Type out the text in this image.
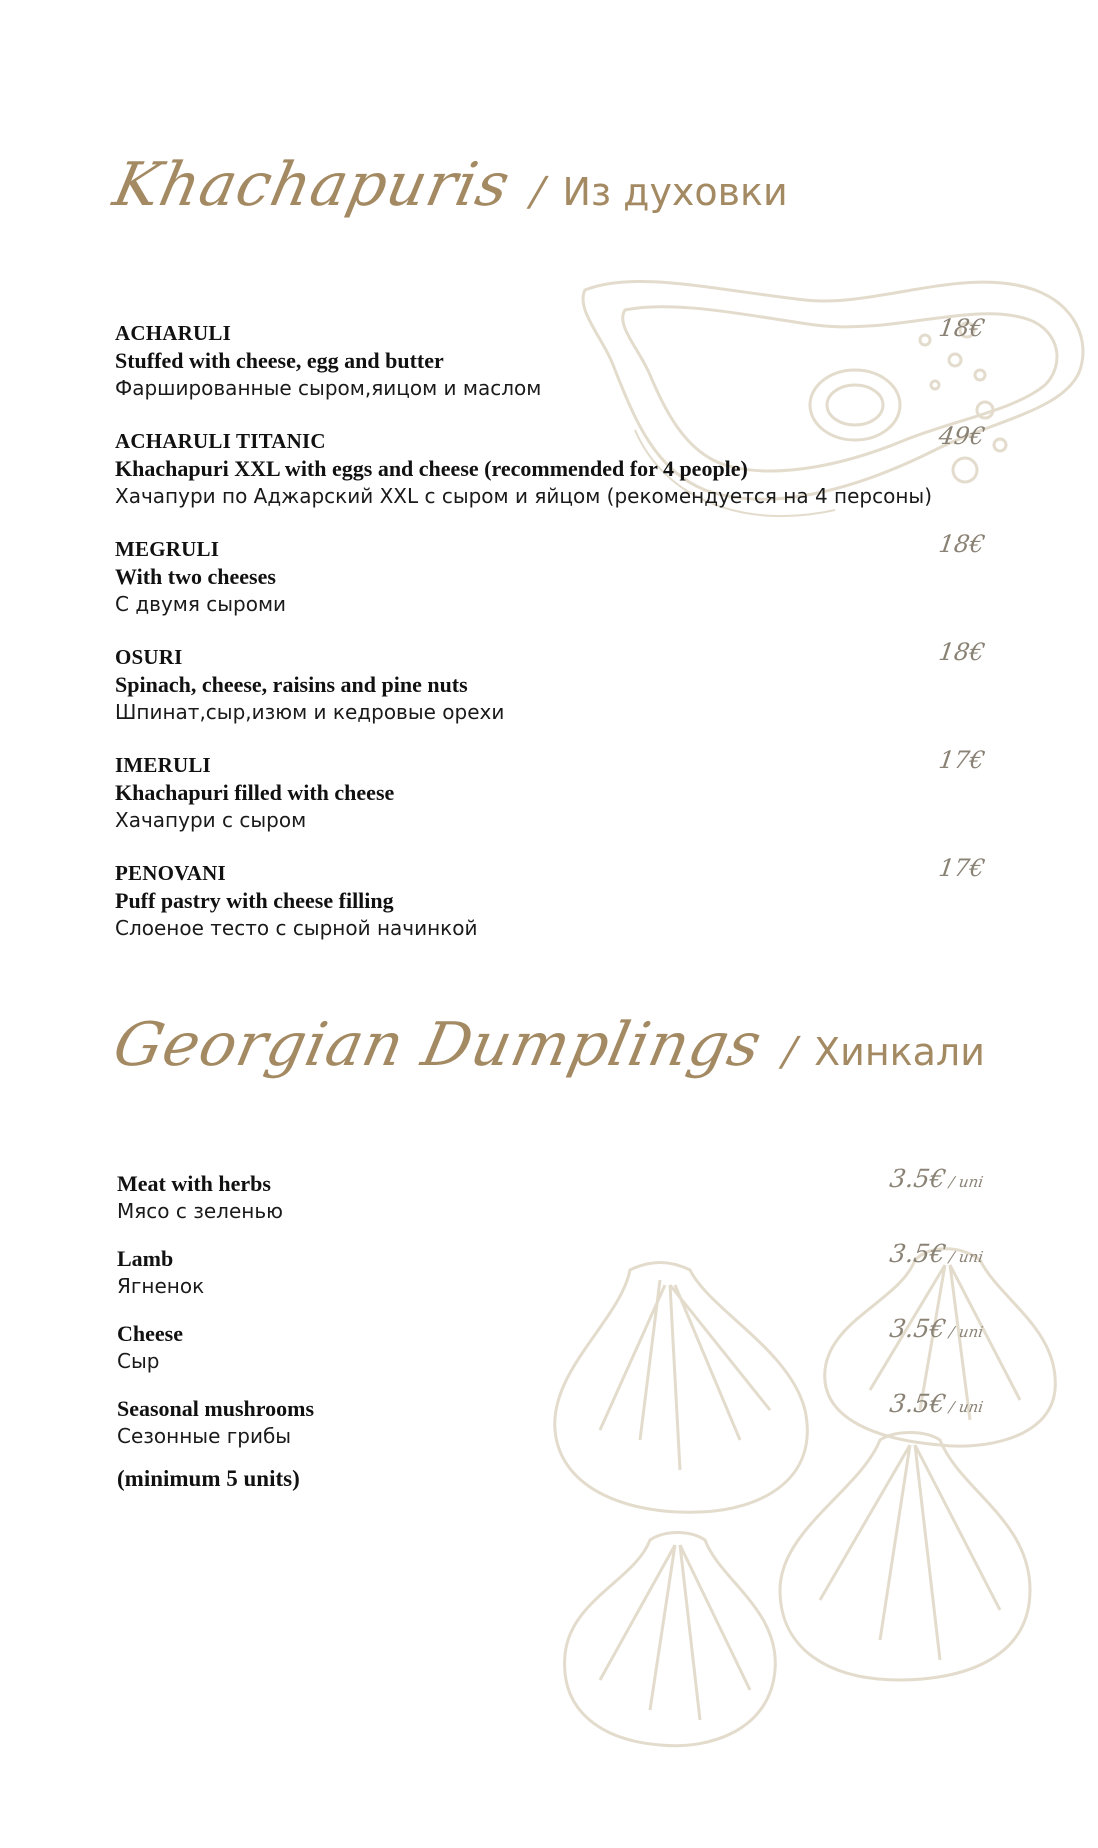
Khachapuris / Из духовки
ACHARULI
Stuffed with cheese, egg and butter
Фаршированные сыром,яицом и маслом
18€
ACHARULI TITANIC
Khachapuri XXL with eggs and cheese (recommended for 4 people)
Хачапури по Аджарский XXL с сыром и яйцом (рекомендуется на 4 персоны)
49€
MEGRULI
With two cheeses
С двумя сыроми
18€
OSURI
Spinach, cheese, raisins and pine nuts
Шпинат,сыр,изюм и кедровые орехи
18€
IMERULI
Khachapuri filled with cheese
Хачапури с сыром
17€
PENOVANI
Puff pastry with cheese filling
Слоеное тесто с сырной начинкой
17€
Georgian Dumplings / Хинкали
Meat with herbs
Мясо с зеленью
3.5€/ uni
Lamb
Ягненок
3.5€/ uni
Cheese
Сыр
3.5€/ uni
Seasonal mushrooms
Сезонные грибы
3.5€/ uni
(minimum 5 units)
